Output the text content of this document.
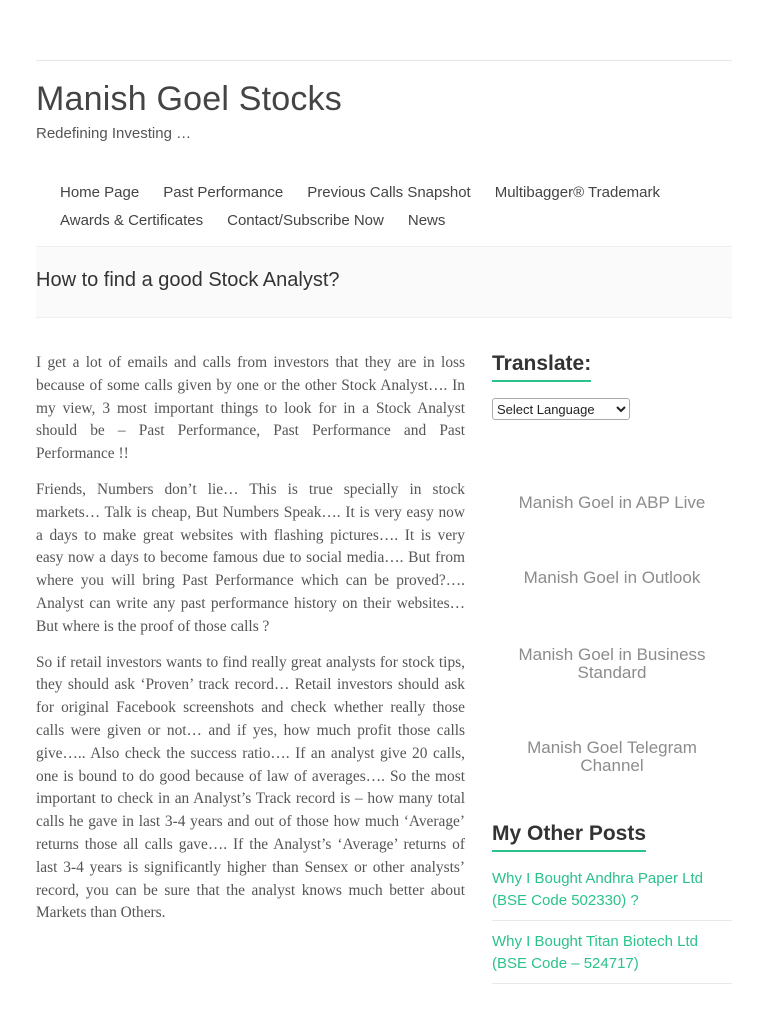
Manish Goel Stocks
Redefining Investing …
Home Page Past Performance Previous Calls Snapshot Multibagger® Trademark
Awards & Certificates Contact/Subscribe Now News
How to find a good Stock Analyst?

I get a lot of emails and calls from investors that they are in loss because of some calls given by one or the other Stock Analyst…. In my view, 3 most important things to look for in a Stock Analyst should be – Past Performance, Past Performance and Past Performance !!

Friends, Numbers don’t lie… This is true specially in stock markets… Talk is cheap, But Numbers Speak…. It is very easy now a days to make great websites with flashing pictures…. It is very easy now a days to become famous due to social media…. But from where you will bring Past Performance which can be proved?…. Analyst can write any past performance history on their websites… But where is the proof of those calls ?

So if retail investors wants to find really great analysts for stock tips, they should ask ‘Proven’ track record… Retail investors should ask for original Facebook screenshots and check whether really those calls were given or not… and if yes, how much profit those calls give….. Also check the success ratio…. If an analyst give 20 calls, one is bound to do good because of law of averages…. So the most important to check in an Analyst’s Track record is – how many total calls he gave in last 3-4 years and out of those how much ‘Average’ returns those all calls gave…. If the Analyst’s ‘Average’ returns of last 3-4 years is significantly higher than Sensex or other analysts’ record, you can be sure that the analyst knows much better about Markets than Others.

Translate:
Select Language
Manish Goel in ABP Live
Manish Goel in Outlook
Manish Goel in Business Standard
Manish Goel Telegram Channel
My Other Posts
Why I Bought Andhra Paper Ltd (BSE Code 502330) ?
Why I Bought Titan Biotech Ltd (BSE Code – 524717)
